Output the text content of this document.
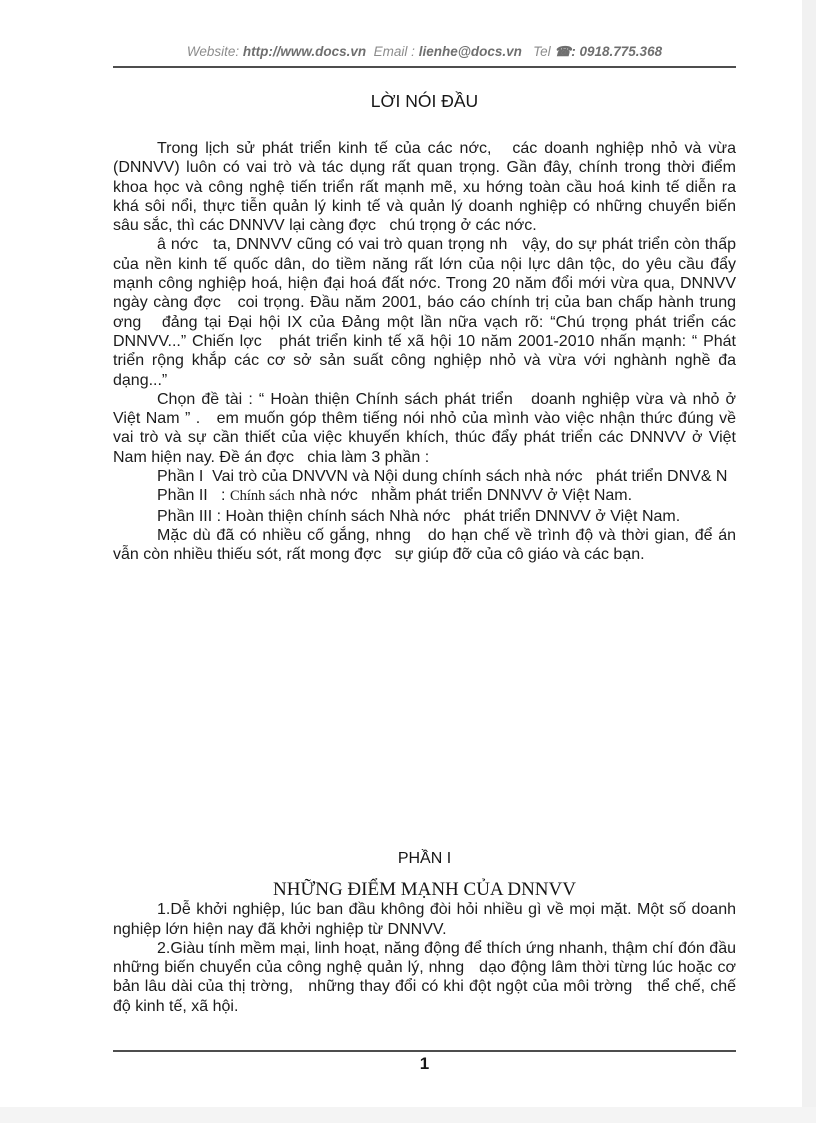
Website: http://www.docs.vn  Email : lienhe@docs.vn   Tel ☎: 0918.775.368
LỜI NÓI ĐẦU

Trong lịch sử phát triển kinh tế của các nớc,   các doanh nghiệp nhỏ và vừa (DNNVV) luôn có vai trò và tác dụng rất quan trọng. Gần đây, chính trong thời điểm khoa học và công nghệ tiến triển rất mạnh mẽ, xu hớng toàn cầu hoá kinh tế diễn ra khá sôi nổi, thực tiễn quản lý kinh tế và quản lý doanh nghiệp có những chuyển biến sâu sắc, thì các DNNVV lại càng đợc   chú trọng ở các nớc.

â nớc   ta, DNNVV cũng có vai trò quan trọng nh   vậy, do sự phát triển còn thấp của nền kinh tế quốc dân, do tiềm năng rất lớn của nội lực dân tộc, do yêu cầu đẩy mạnh công nghiệp hoá, hiện đại hoá đất nớc. Trong 20 năm đổi mới vừa qua, DNNVV ngày càng đợc   coi trọng. Đầu năm 2001, báo cáo chính trị của ban chấp hành trung ơng   đảng tại Đại hội IX của Đảng một lần nữa vạch rõ: “Chú trọng phát triển các DNNVV...” Chiến lợc   phát triển kinh tế xã hội 10 năm 2001-2010 nhấn mạnh: “ Phát triển rộng khắp các cơ sở sản suất công nghiệp nhỏ và vừa với nghành nghề đa dạng...”

Chọn đề tài : “ Hoàn thiện Chính sách phát triển   doanh nghiệp vừa và nhỏ ở Việt Nam ” .   em muốn góp thêm tiếng nói nhỏ của mình vào việc nhận thức đúng về vai trò và sự cần thiết của việc khuyến khích, thúc đẩy phát triển các DNNVV ở Việt Nam hiện nay. Đề án đợc   chia làm 3 phần :

Phần I  Vai trò của DNVVN và Nội dung chính sách nhà nớc   phát triển DNV& N

Phần II   : Chính sách nhà nớc   nhằm phát triển DNNVV ở Việt Nam.

Phần III : Hoàn thiện chính sách Nhà nớc   phát triển DNNVV ở Việt Nam.

Mặc dù đã có nhiều cố gắng, nhng   do hạn chế về trình độ và thời gian, để án vẫn còn nhiều thiếu sót, rất mong đợc   sự giúp đỡ của cô giáo và các bạn.

PHẦN I
NHỮNG ĐIỂM MẠNH CỦA DNNVV

1.Dễ khởi nghiệp, lúc ban đầu không đòi hỏi nhiều gì về mọi mặt. Một số doanh nghiệp lớn hiện nay đã khởi nghiệp từ DNNVV.

2.Giàu tính mềm mại, linh hoạt, năng động để thích ứng nhanh, thậm chí đón đầu những biến chuyển của công nghệ quản lý, nhng   dạo động lâm thời từng lúc hoặc cơ bản lâu dài của thị trờng,   những thay đổi có khi đột ngột của môi trờng   thể chế, chế độ kinh tế, xã hội.

1
